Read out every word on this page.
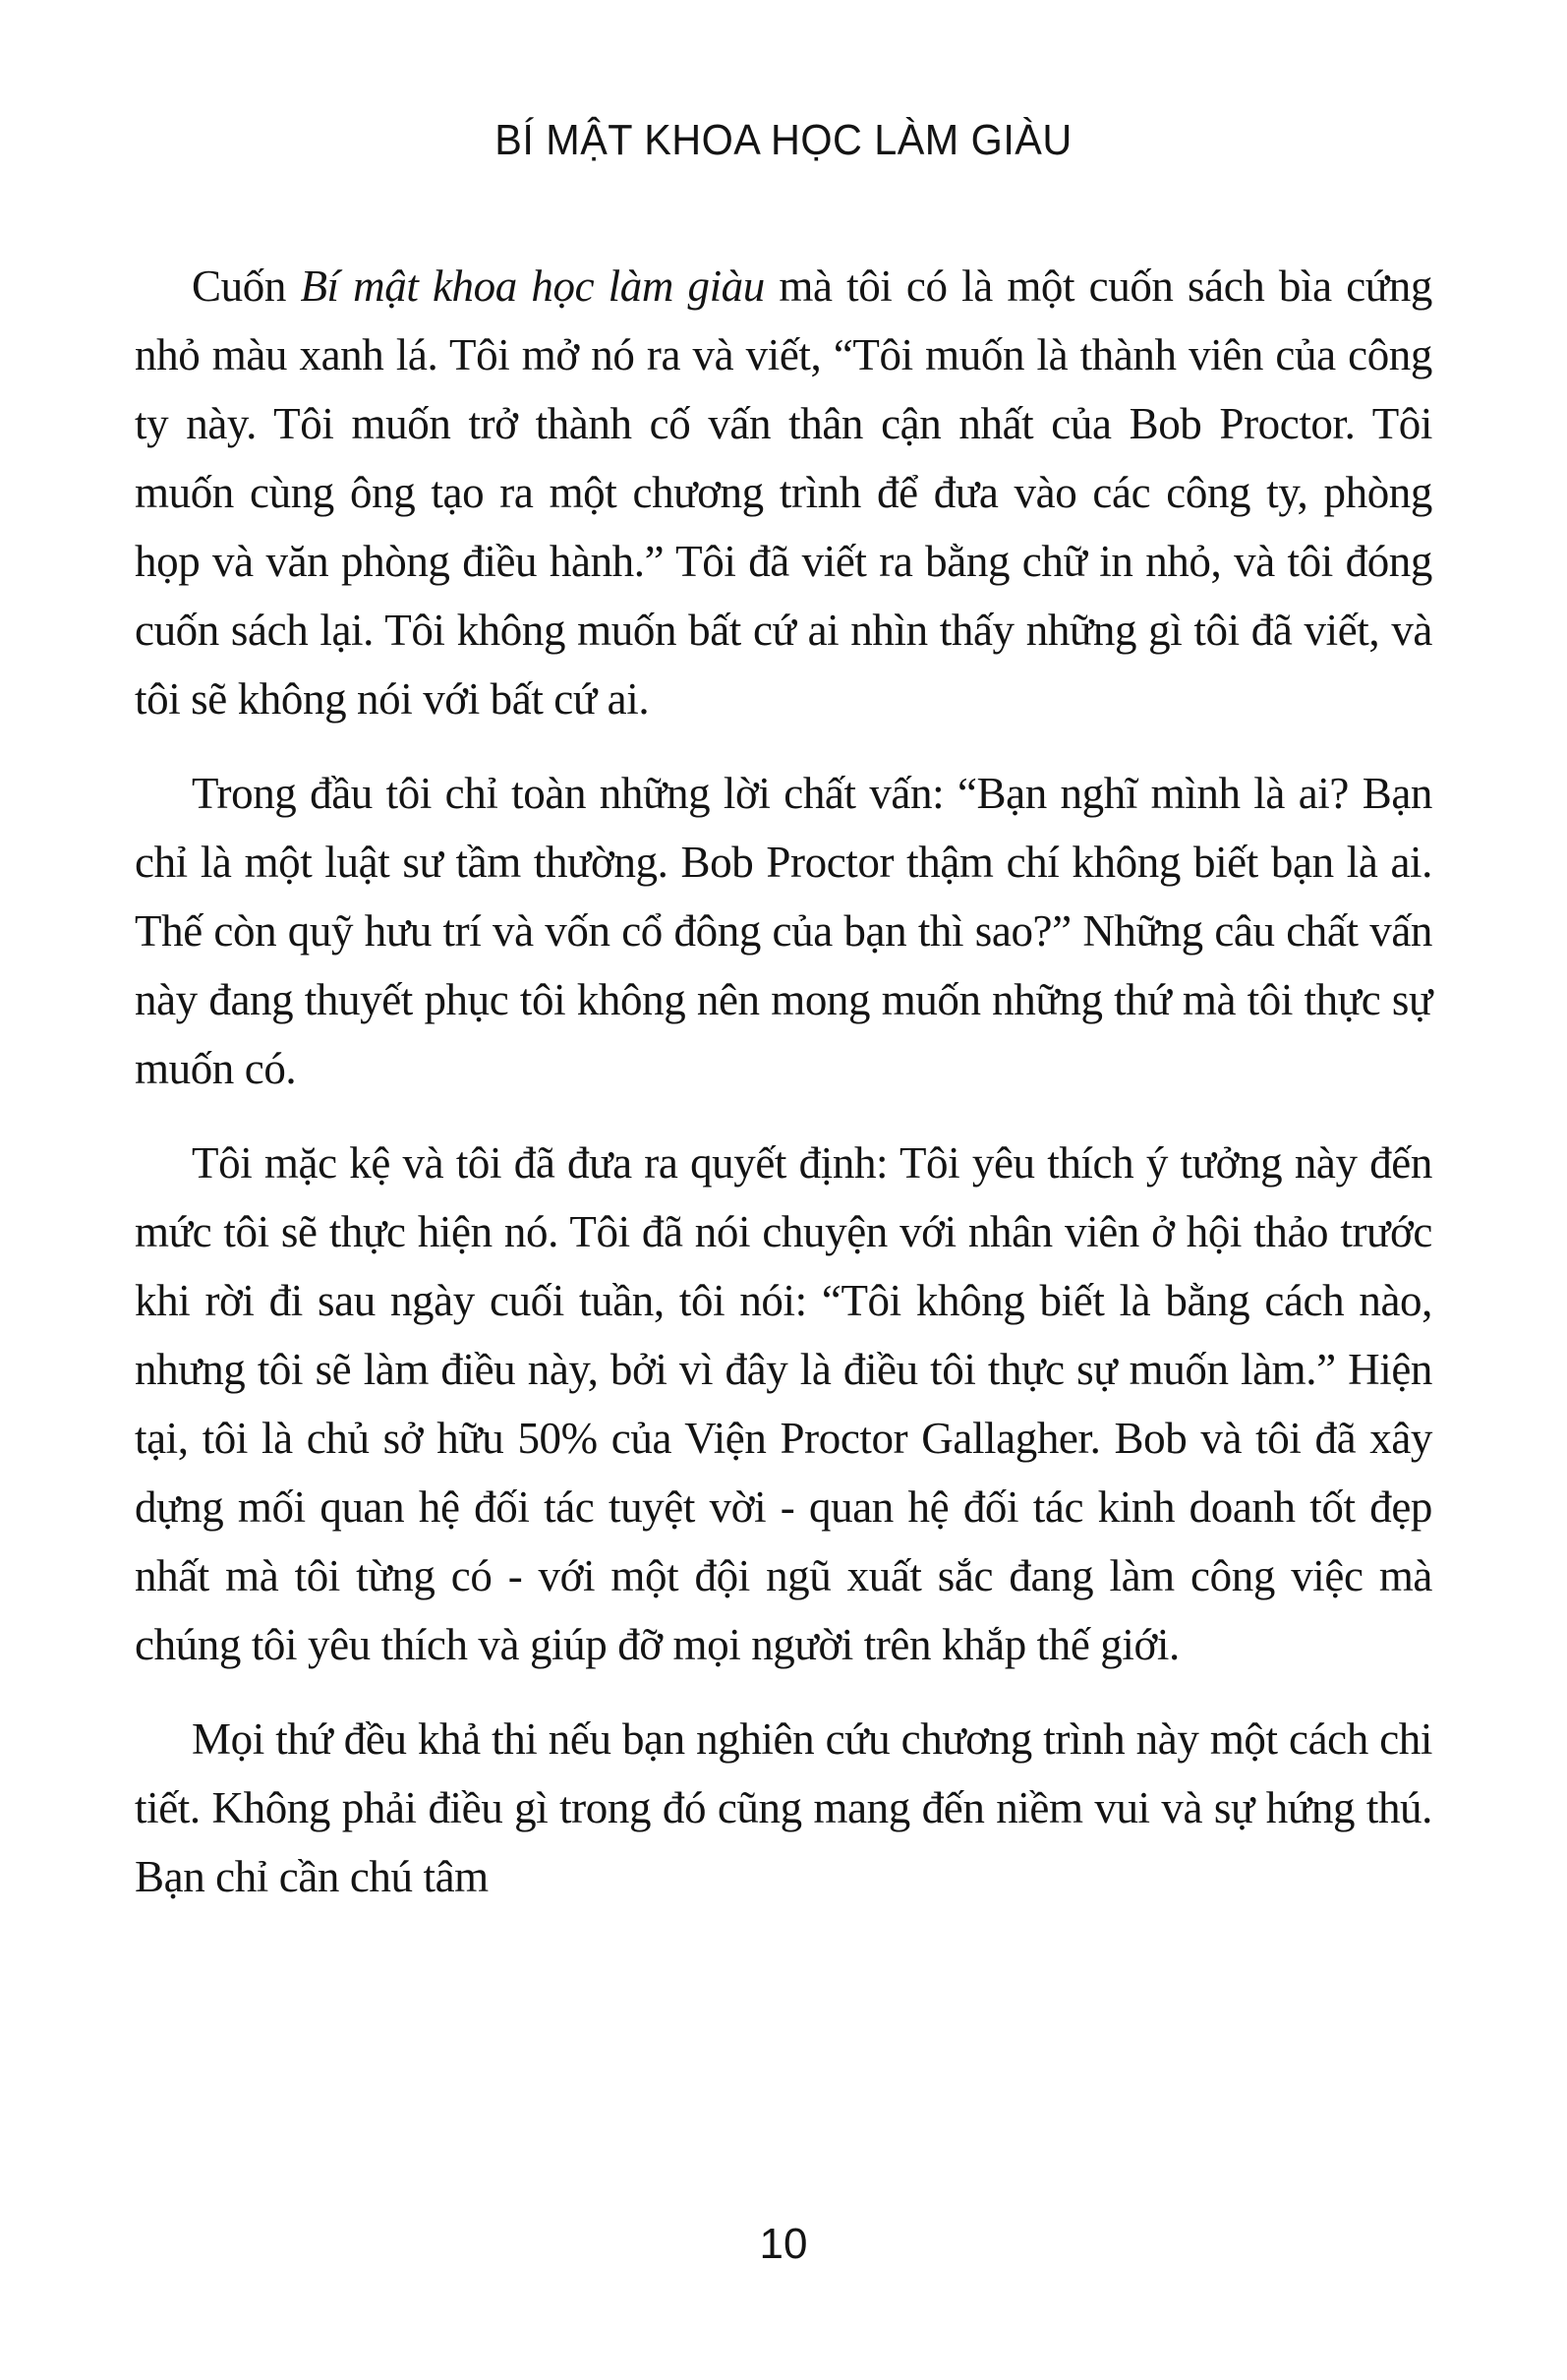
BÍ MẬT KHOA HỌC LÀM GIÀU

Cuốn Bí mật khoa học làm giàu mà tôi có là một cuốn sách bìa cứng nhỏ màu xanh lá. Tôi mở nó ra và viết, “Tôi muốn là thành viên của công ty này. Tôi muốn trở thành cố vấn thân cận nhất của Bob Proctor. Tôi muốn cùng ông tạo ra một chương trình để đưa vào các công ty, phòng họp và văn phòng điều hành.” Tôi đã viết ra bằng chữ in nhỏ, và tôi đóng cuốn sách lại. Tôi không muốn bất cứ ai nhìn thấy những gì tôi đã viết, và tôi sẽ không nói với bất cứ ai.

Trong đầu tôi chỉ toàn những lời chất vấn: “Bạn nghĩ mình là ai? Bạn chỉ là một luật sư tầm thường. Bob Proctor thậm chí không biết bạn là ai. Thế còn quỹ hưu trí và vốn cổ đông của bạn thì sao?” Những câu chất vấn này đang thuyết phục tôi không nên mong muốn những thứ mà tôi thực sự muốn có.

Tôi mặc kệ và tôi đã đưa ra quyết định: Tôi yêu thích ý tưởng này đến mức tôi sẽ thực hiện nó. Tôi đã nói chuyện với nhân viên ở hội thảo trước khi rời đi sau ngày cuối tuần, tôi nói: “Tôi không biết là bằng cách nào, nhưng tôi sẽ làm điều này, bởi vì đây là điều tôi thực sự muốn làm.” Hiện tại, tôi là chủ sở hữu 50% của Viện Proctor Gallagher. Bob và tôi đã xây dựng mối quan hệ đối tác tuyệt vời - quan hệ đối tác kinh doanh tốt đẹp nhất mà tôi từng có - với một đội ngũ xuất sắc đang làm công việc mà chúng tôi yêu thích và giúp đỡ mọi người trên khắp thế giới.

Mọi thứ đều khả thi nếu bạn nghiên cứu chương trình này một cách chi tiết. Không phải điều gì trong đó cũng mang đến niềm vui và sự hứng thú. Bạn chỉ cần chú tâm

10
